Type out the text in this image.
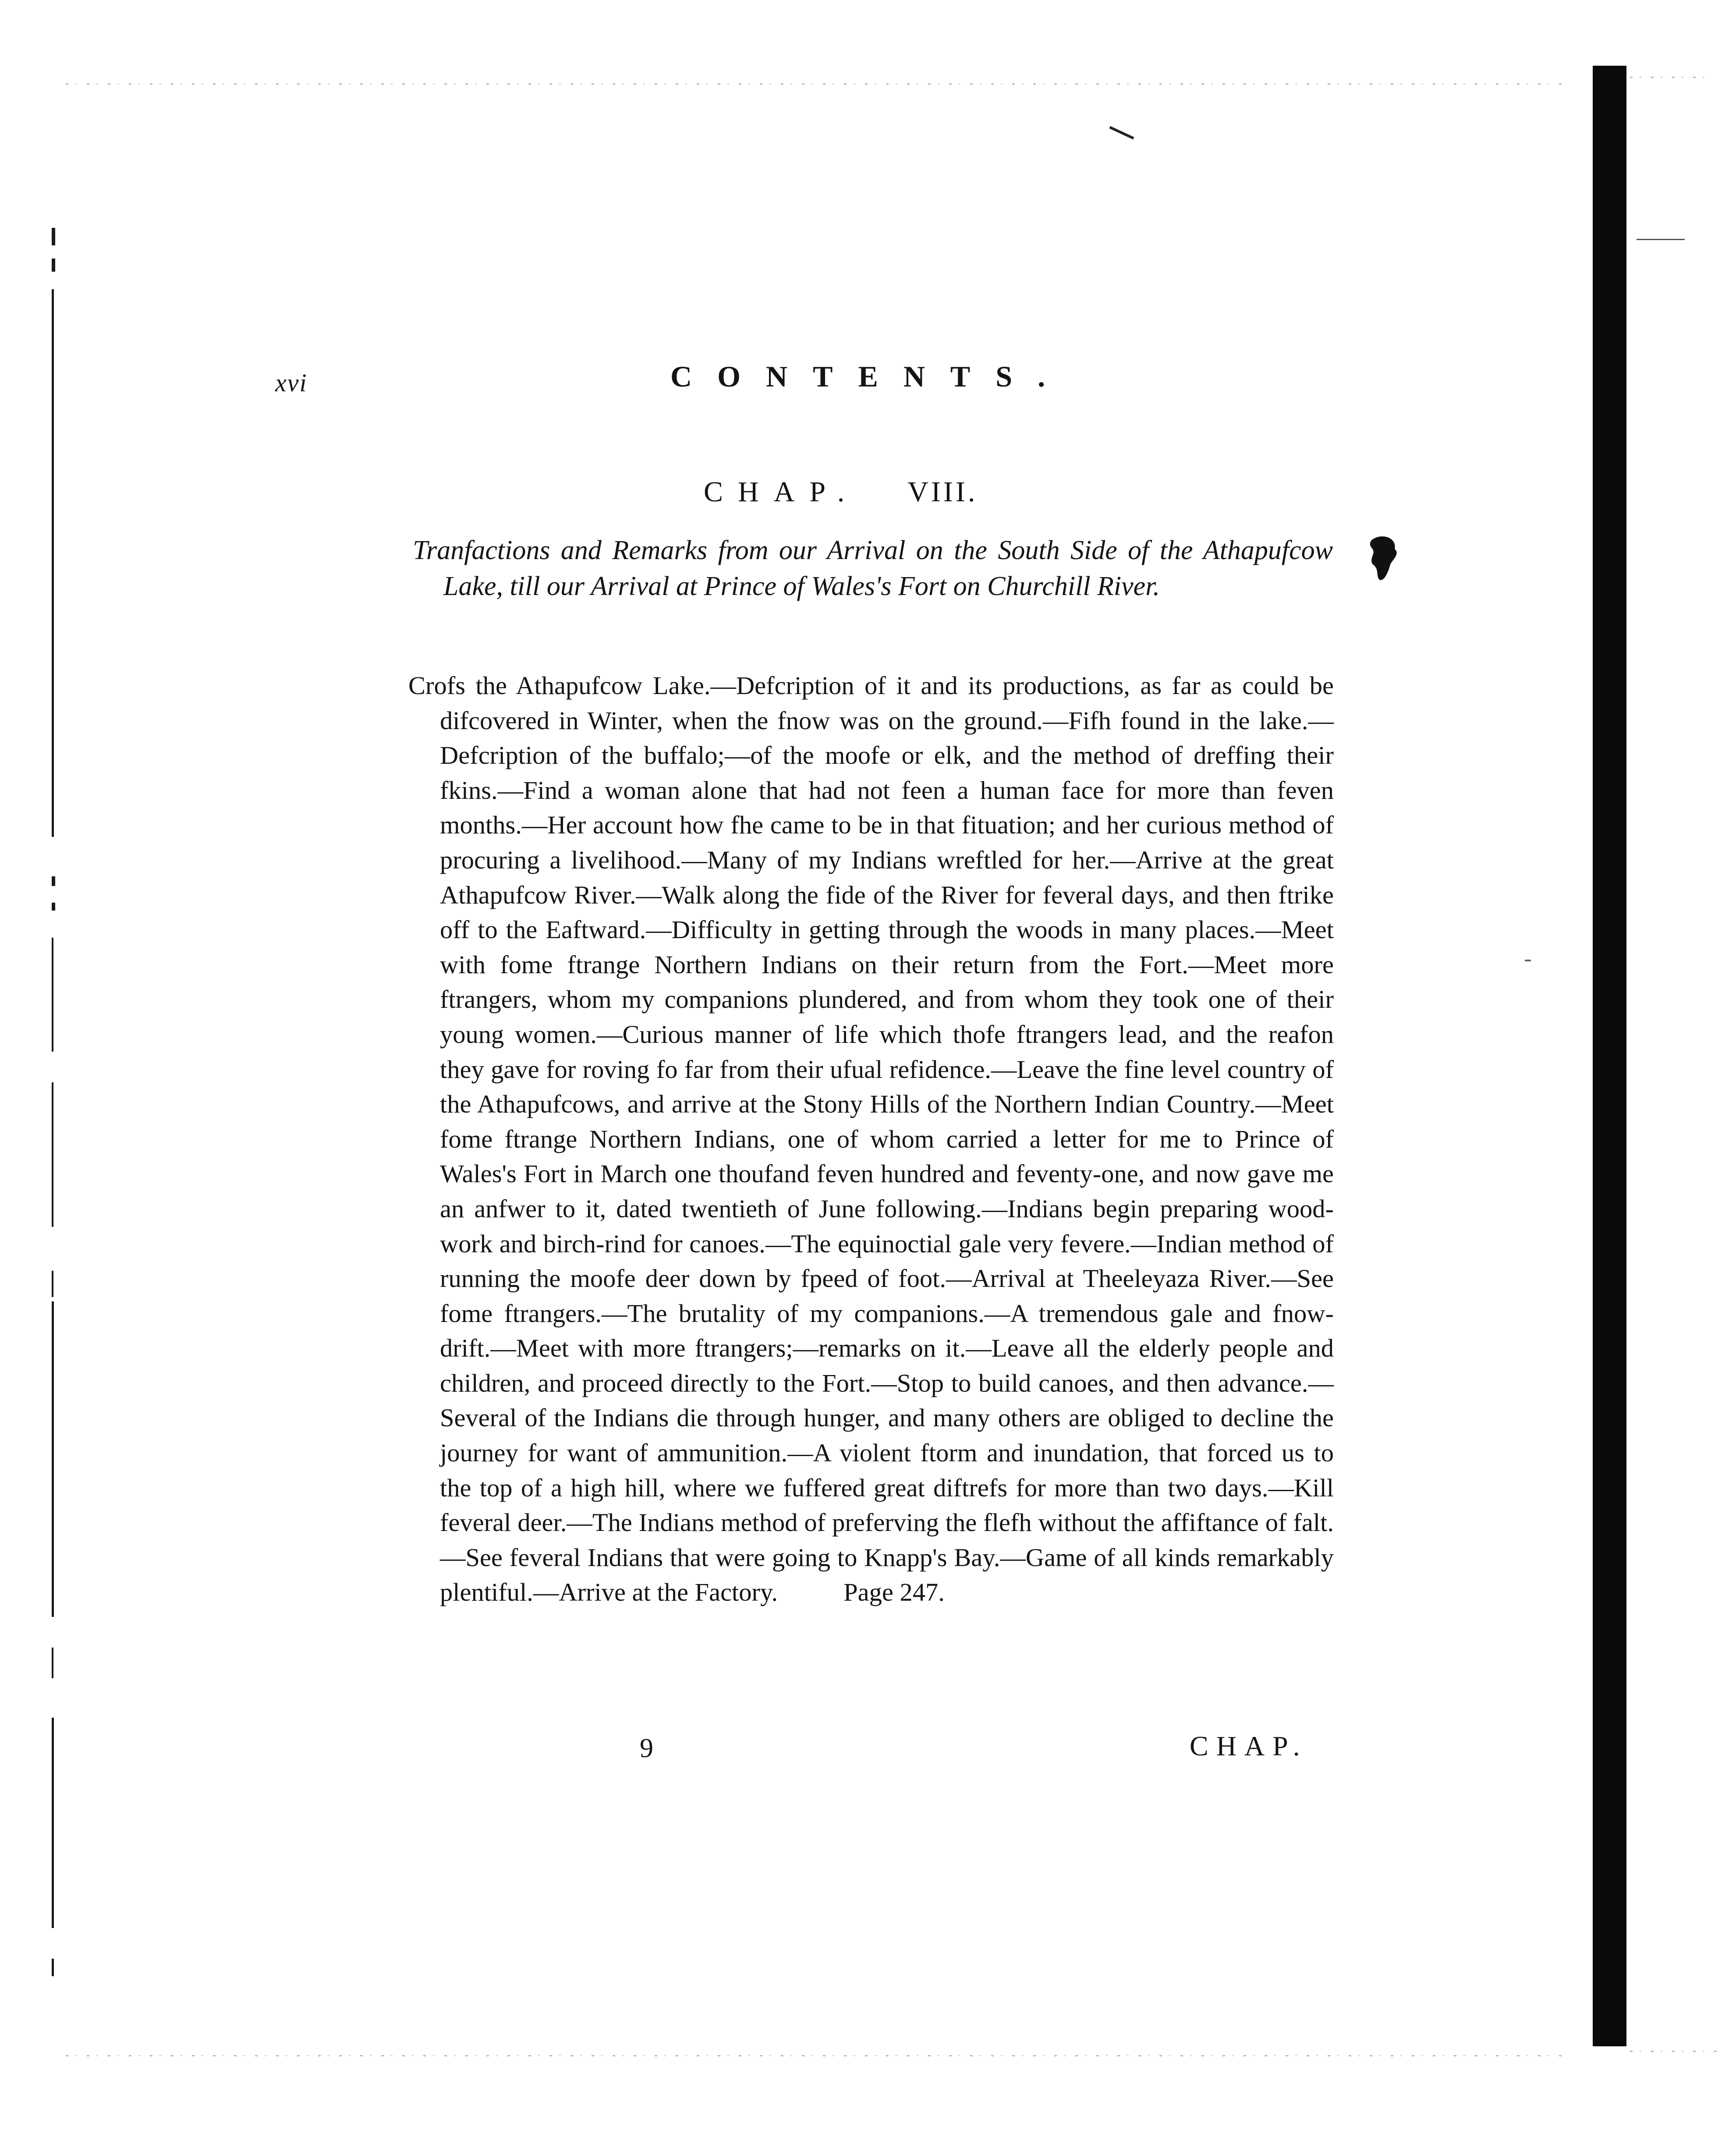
xvi	CONTENTS.
CHAP. VIII.
Tranfactions and Remarks from our Arrival on the South Side of the Athapufcow Lake, till our Arrival at Prince of Wales's Fort on Churchill River.
Crofs the Athapufcow Lake.—Defcription of it and its productions, as far as could be difcovered in Winter, when the fnow was on the ground.—Fifh found in the lake.—Defcription of the buffalo;—of the moofe or elk, and the method of dreffing their fkins.—Find a woman alone that had not feen a human face for more than feven months.—Her account how fhe came to be in that fituation; and her curious method of procuring a livelihood.—Many of my Indians wreftled for her.—Arrive at the great Athapufcow River.—Walk along the fide of the River for feveral days, and then ftrike off to the Eaftward.—Difficulty in getting through the woods in many places.—Meet with fome ftrange Northern Indians on their return from the Fort.—Meet more ftrangers, whom my companions plundered, and from whom they took one of their young women.—Curious manner of life which thofe ftrangers lead, and the reafon they gave for roving fo far from their ufual refidence.—Leave the fine level country of the Athapufcows, and arrive at the Stony Hills of the Northern Indian Country.—Meet fome ftrange Northern Indians, one of whom carried a letter for me to Prince of Wales's Fort in March one thoufand feven hundred and feventy-one, and now gave me an anfwer to it, dated twentieth of June following.—Indians begin preparing wood-work and birch-rind for canoes.—The equinoctial gale very fevere.—Indian method of running the moofe deer down by fpeed of foot.—Arrival at Theeleyaza River.—See fome ftrangers.—The brutality of my companions.—A tremendous gale and fnow-drift.—Meet with more ftrangers;—remarks on it.—Leave all the elderly people and children, and proceed directly to the Fort.—Stop to build canoes, and then advance.—Several of the Indians die through hunger, and many others are obliged to decline the journey for want of ammunition.—A violent ftorm and inundation, that forced us to the top of a high hill, where we fuffered great diftrefs for more than two days.—Kill feveral deer.—The Indians method of preferving the flefh without the affiftance of falt.—See feveral Indians that were going to Knapp's Bay.—Game of all kinds remarkably plentiful.—Arrive at the Factory.	Page 247.
9	CHAP.
